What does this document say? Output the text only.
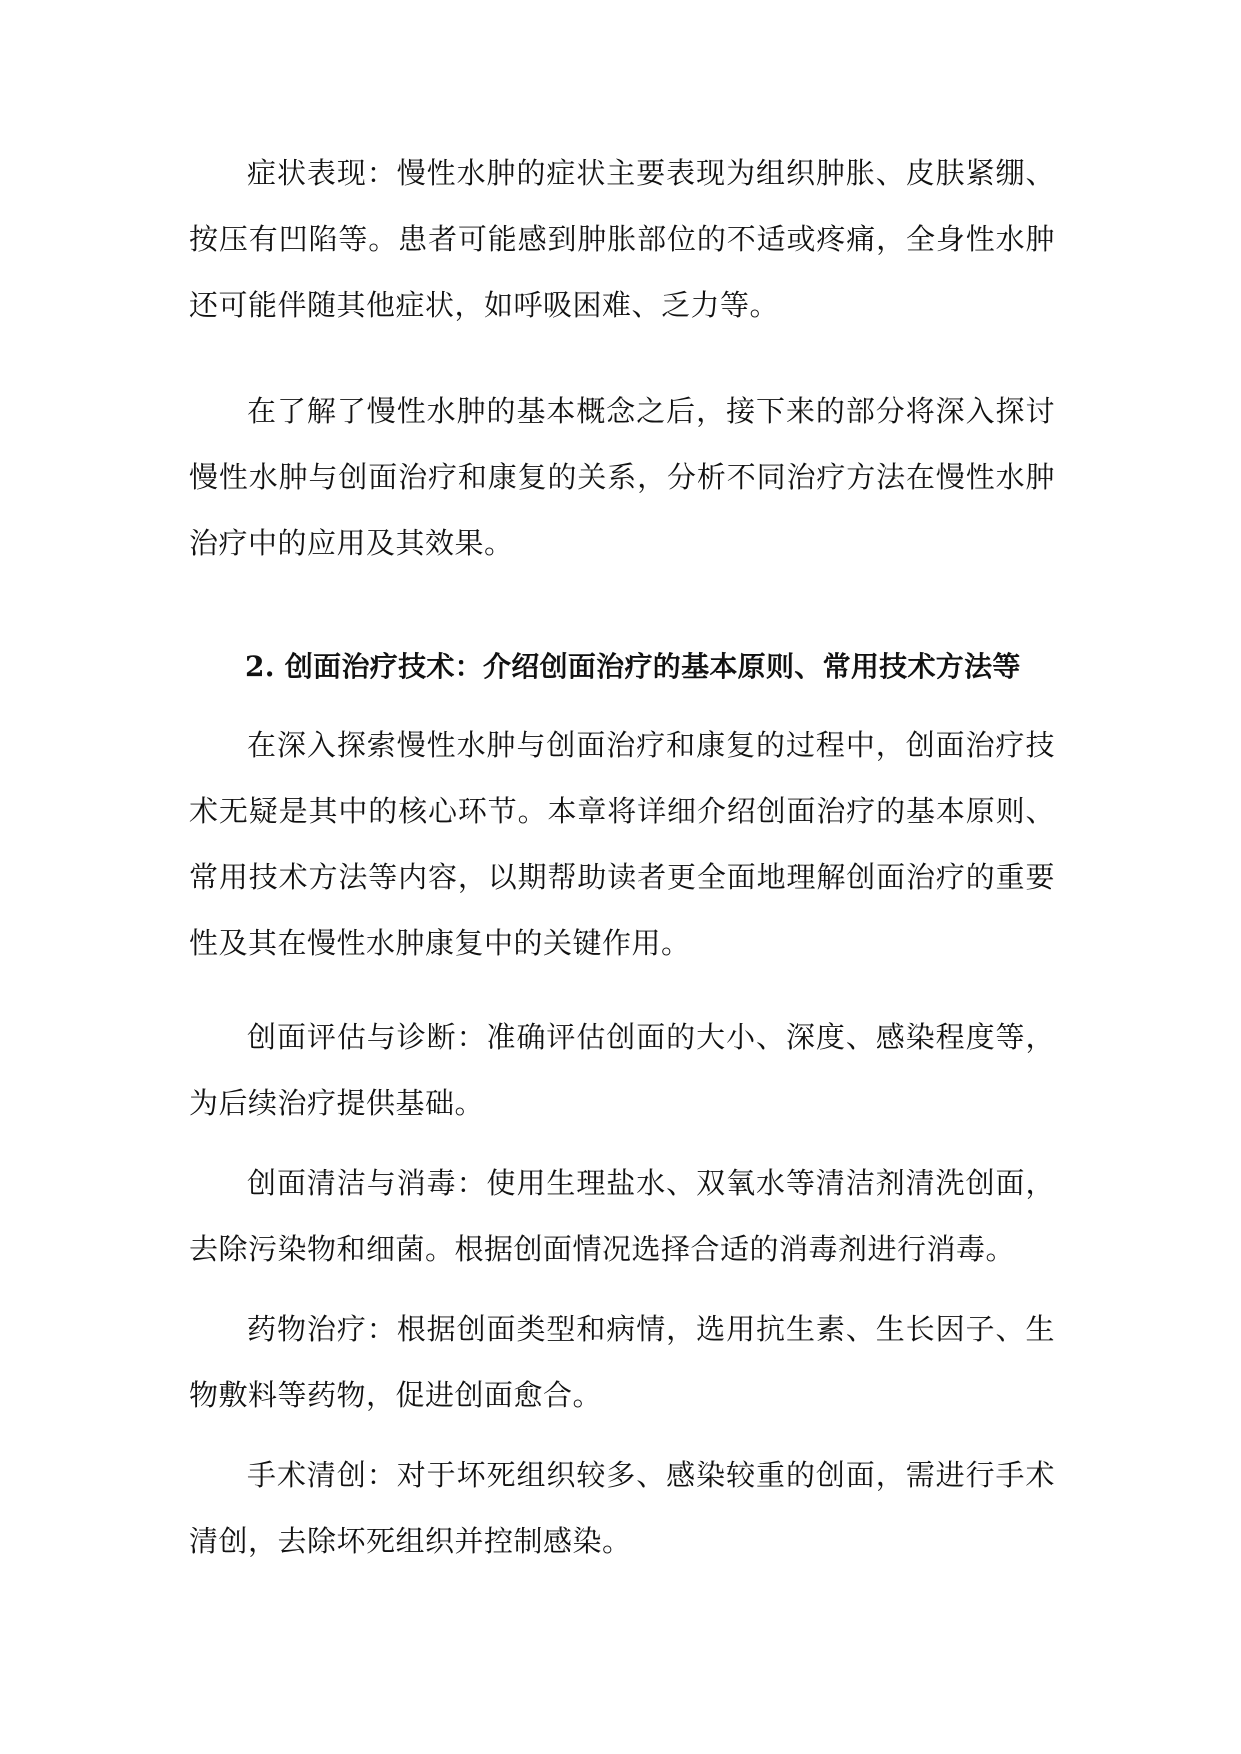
症状表现：慢性水肿的症状主要表现为组织肿胀、皮肤紧绷、按压有凹陷等。患者可能感到肿胀部位的不适或疼痛，全身性水肿还可能伴随其他症状，如呼吸困难、乏力等。

在了解了慢性水肿的基本概念之后，接下来的部分将深入探讨慢性水肿与创面治疗和康复的关系，分析不同治疗方法在慢性水肿治疗中的应用及其效果。

2. 创面治疗技术：介绍创面治疗的基本原则、常用技术方法等

在深入探索慢性水肿与创面治疗和康复的过程中，创面治疗技术无疑是其中的核心环节。本章将详细介绍创面治疗的基本原则、常用技术方法等内容，以期帮助读者更全面地理解创面治疗的重要性及其在慢性水肿康复中的关键作用。

创面评估与诊断：准确评估创面的大小、深度、感染程度等，为后续治疗提供基础。

创面清洁与消毒：使用生理盐水、双氧水等清洁剂清洗创面，去除污染物和细菌。根据创面情况选择合适的消毒剂进行消毒。

药物治疗：根据创面类型和病情，选用抗生素、生长因子、生物敷料等药物，促进创面愈合。

手术清创：对于坏死组织较多、感染较重的创面，需进行手术清创，去除坏死组织并控制感染。
